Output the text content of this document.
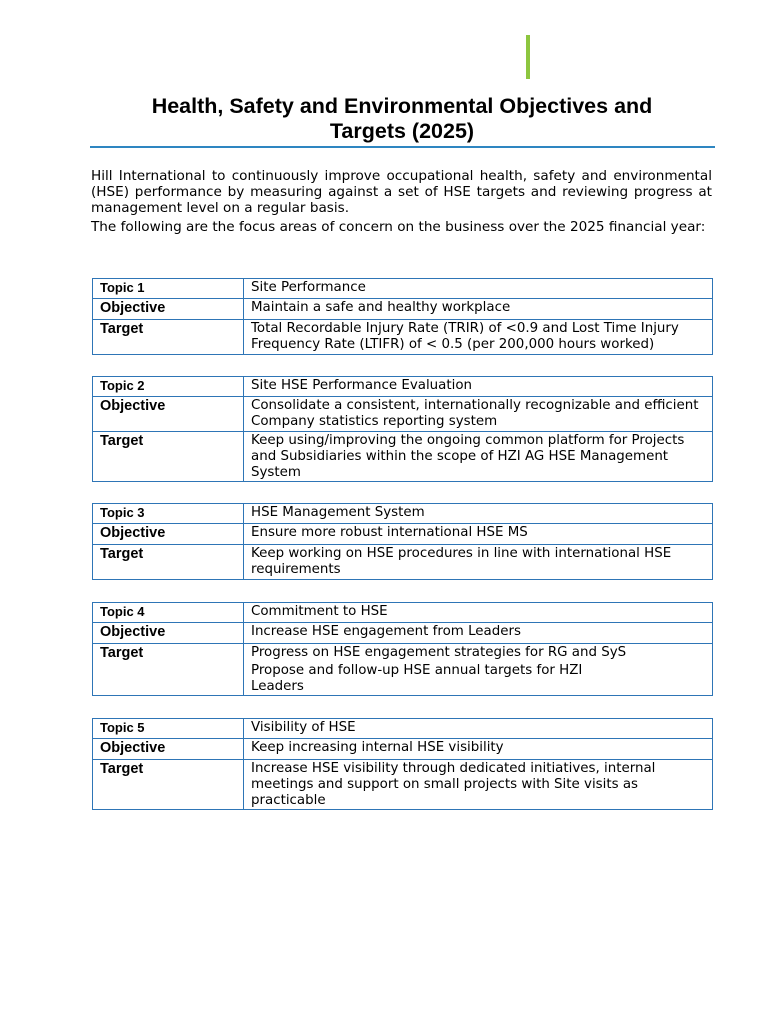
Health, Safety and Environmental Objectives and
Targets (2025)

Hill International to continuously improve occupational health, safety and environmental (HSE) performance by measuring against a set of HSE targets and reviewing progress at management level on a regular basis.

The following are the focus areas of concern on the business over the 2025 financial year:

Topic 1	Site Performance
Objective	Maintain a safe and healthy workplace
Target	Total Recordable Injury Rate (TRIR) of <0.9 and Lost Time Injury Frequency Rate (LTIFR) of < 0.5 (per 200,000 hours worked)
Topic 2	Site HSE Performance Evaluation
Objective	Consolidate a consistent, internationally recognizable and efficient Company statistics reporting system
Target	Keep using/improving the ongoing common platform for Projects and Subsidiaries within the scope of HZI AG HSE Management System
Topic 3	HSE Management System
Objective	Ensure more robust international HSE MS
Target	Keep working on HSE procedures in line with international HSE requirements
Topic 4	Commitment to HSE
Objective	Increase HSE engagement from Leaders
Target	Progress on HSE engagement strategies for RG and SyS
Propose and follow-up HSE annual targets for HZI
Leaders
Topic 5	Visibility of HSE
Objective	Keep increasing internal HSE visibility
Target	Increase HSE visibility through dedicated initiatives, internal meetings and support on small projects with Site visits as practicable
